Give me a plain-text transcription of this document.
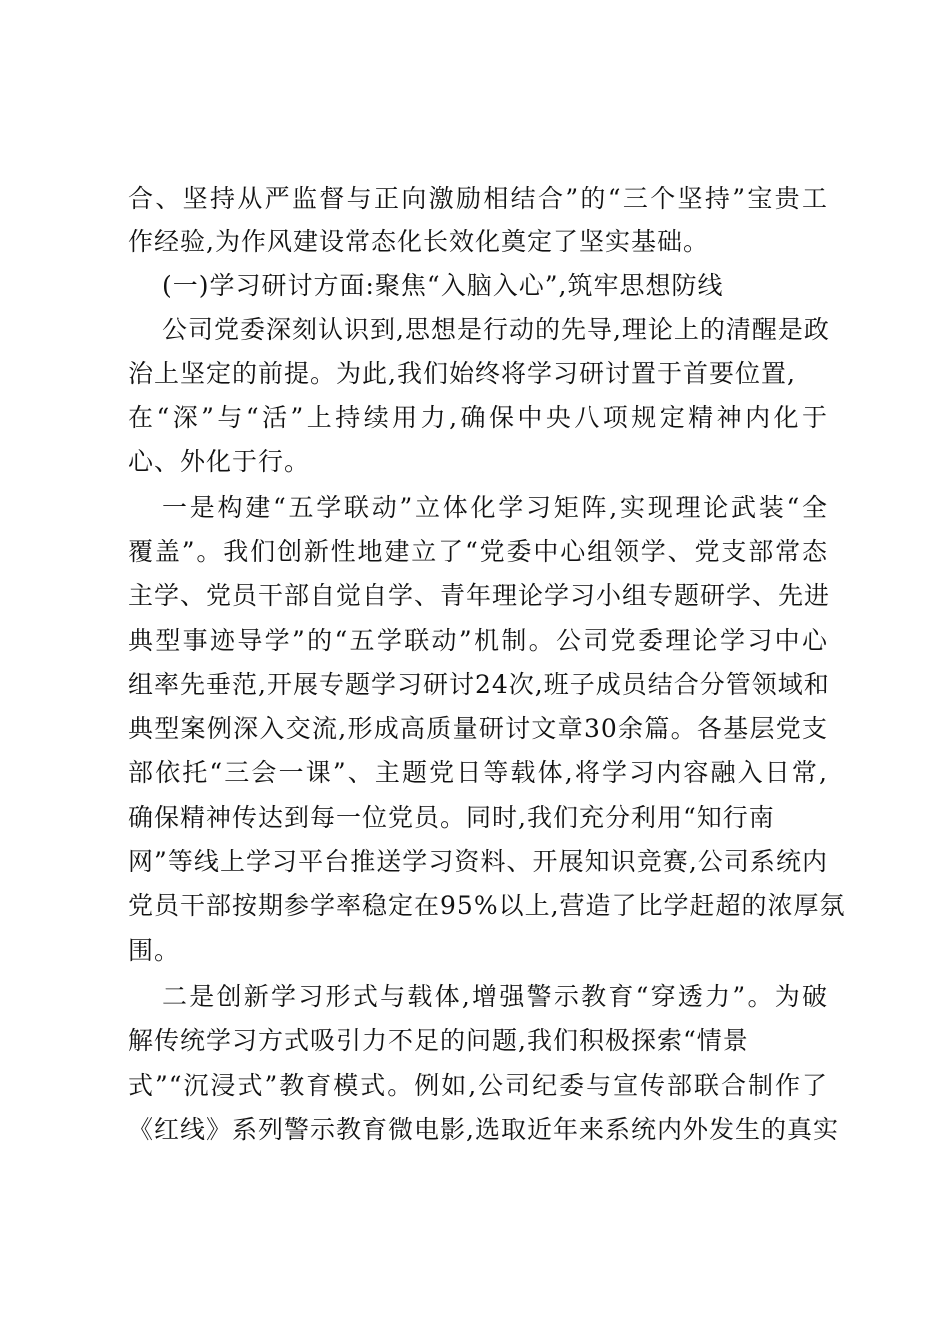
合、坚持从严监督与正向激励相结合”的“三个坚持”宝贵工
作经验,为作风建设常态化长效化奠定了坚实基础。
(一)学习研讨方面:聚焦“入脑入心”,筑牢思想防线
公司党委深刻认识到,思想是行动的先导,理论上的清醒是政
治上坚定的前提。为此,我们始终将学习研讨置于首要位置,
在“深”与“活”上持续用力,确保中央八项规定精神内化于
心、外化于行。
一是构建“五学联动”立体化学习矩阵,实现理论武装“全
覆盖”。我们创新性地建立了“党委中心组领学、党支部常态
主学、党员干部自觉自学、青年理论学习小组专题研学、先进
典型事迹导学”的“五学联动”机制。公司党委理论学习中心
组率先垂范,开展专题学习研讨24次,班子成员结合分管领域和
典型案例深入交流,形成高质量研讨文章30余篇。各基层党支
部依托“三会一课”、主题党日等载体,将学习内容融入日常,
确保精神传达到每一位党员。同时,我们充分利用“知行南
网”等线上学习平台推送学习资料、开展知识竞赛,公司系统内
党员干部按期参学率稳定在95%以上,营造了比学赶超的浓厚氛
围。
二是创新学习形式与载体,增强警示教育“穿透力”。为破
解传统学习方式吸引力不足的问题,我们积极探索“情景
式”“沉浸式”教育模式。例如,公司纪委与宣传部联合制作了
《红线》系列警示教育微电影,选取近年来系统内外发生的真实
